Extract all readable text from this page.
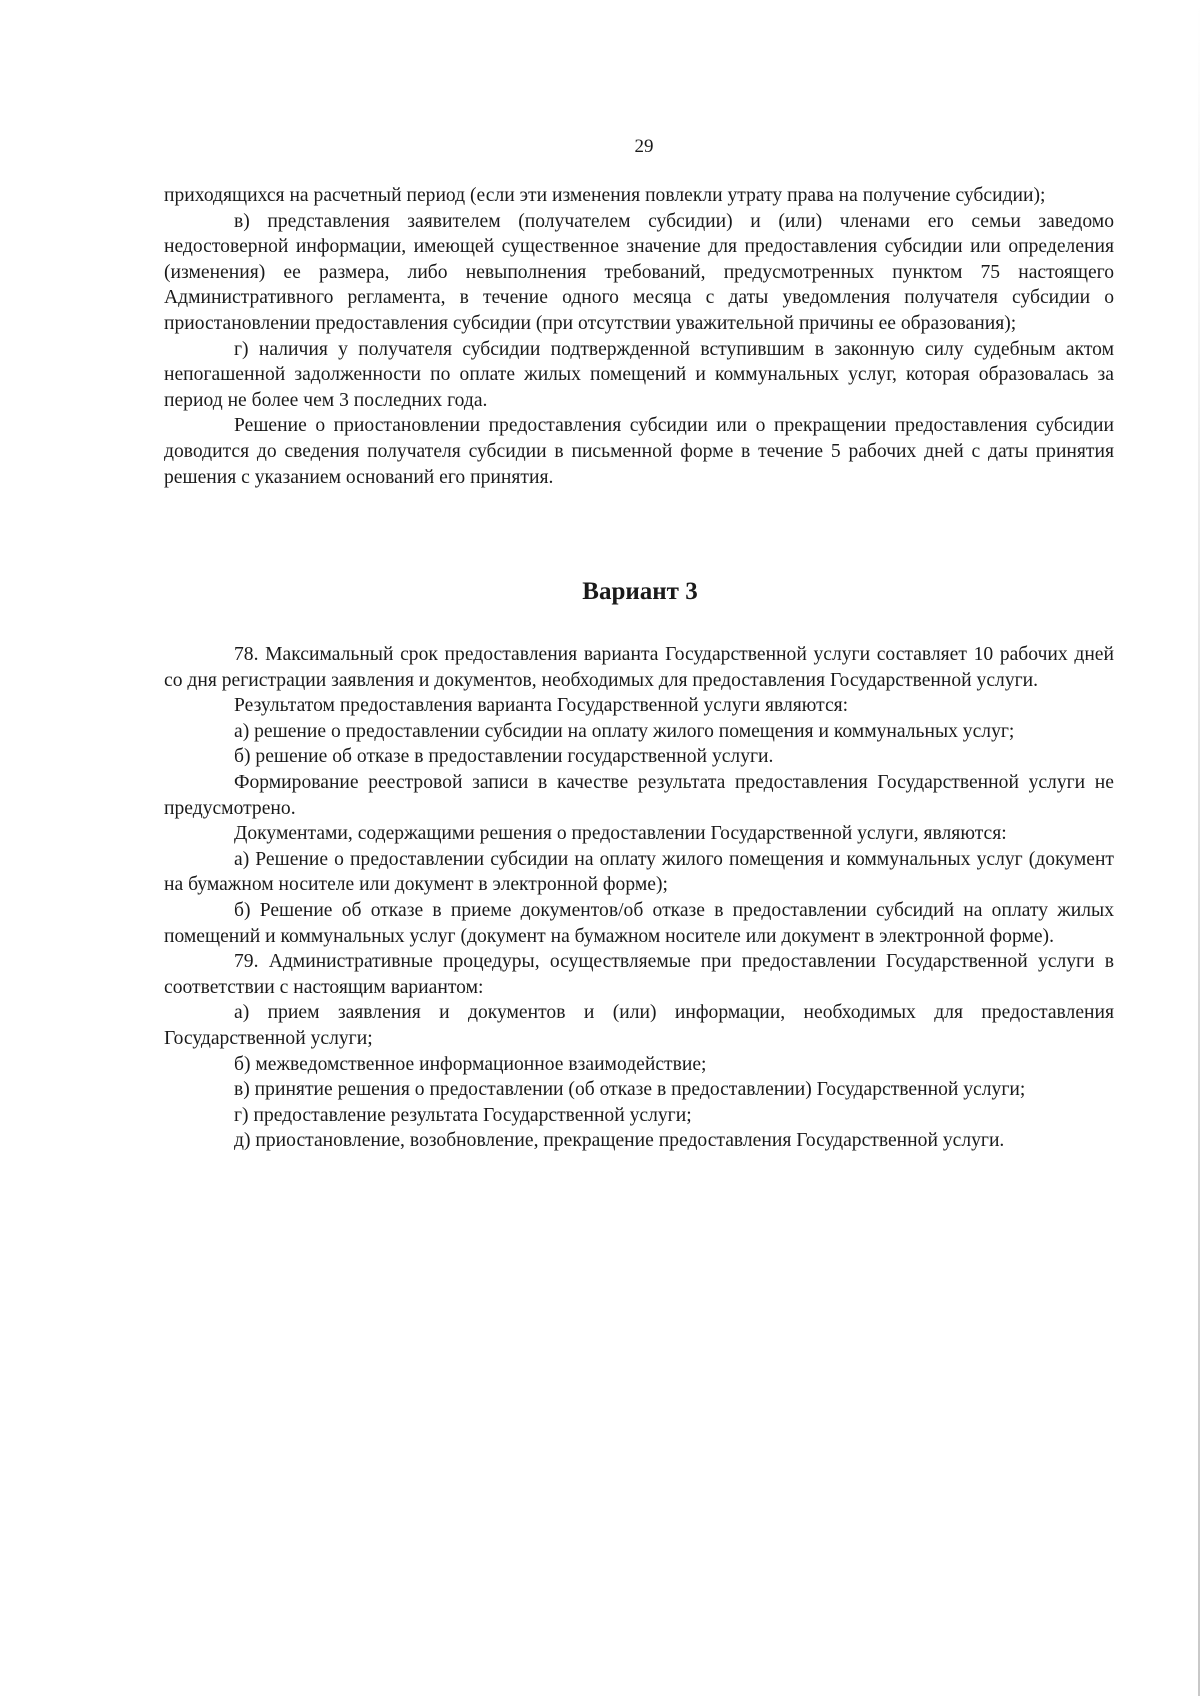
29

приходящихся на расчетный период (если эти изменения повлекли утрату права на получение субсидии);

в) представления заявителем (получателем субсидии) и (или) членами его семьи заведомо недостоверной информации, имеющей существенное значение для предоставления субсидии или определения (изменения) ее размера, либо невыполнения требований, предусмотренных пунктом 75 настоящего Административного регламента, в течение одного месяца с даты уведомления получателя субсидии о приостановлении предоставления субсидии (при отсутствии уважительной причины ее образования);

г) наличия у получателя субсидии подтвержденной вступившим в законную силу судебным актом непогашенной задолженности по оплате жилых помещений и коммунальных услуг, которая образовалась за период не более чем 3 последних года.

Решение о приостановлении предоставления субсидии или о прекращении предоставления субсидии доводится до сведения получателя субсидии в письменной форме в течение 5 рабочих дней с даты принятия решения с указанием оснований его принятия.

Вариант 3

78. Максимальный срок предоставления варианта Государственной услуги составляет 10 рабочих дней со дня регистрации заявления и документов, необходимых для предоставления Государственной услуги.

Результатом предоставления варианта Государственной услуги являются:

а) решение о предоставлении субсидии на оплату жилого помещения и коммунальных услуг;

б) решение об отказе в предоставлении государственной услуги.

Формирование реестровой записи в качестве результата предоставления Государственной услуги не предусмотрено.

Документами, содержащими решения о предоставлении Государственной услуги, являются:

а) Решение о предоставлении субсидии на оплату жилого помещения и коммунальных услуг (документ на бумажном носителе или документ в электронной форме);

б) Решение об отказе в приеме документов/об отказе в предоставлении субсидий на оплату жилых помещений и коммунальных услуг (документ на бумажном носителе или документ в электронной форме).

79. Административные процедуры, осуществляемые при предоставлении Государственной услуги в соответствии с настоящим вариантом:

а) прием заявления и документов и (или) информации, необходимых для предоставления Государственной услуги;

б) межведомственное информационное взаимодействие;

в) принятие решения о предоставлении (об отказе в предоставлении) Государственной услуги;

г) предоставление результата Государственной услуги;

д) приостановление, возобновление, прекращение предоставления Государственной услуги.
